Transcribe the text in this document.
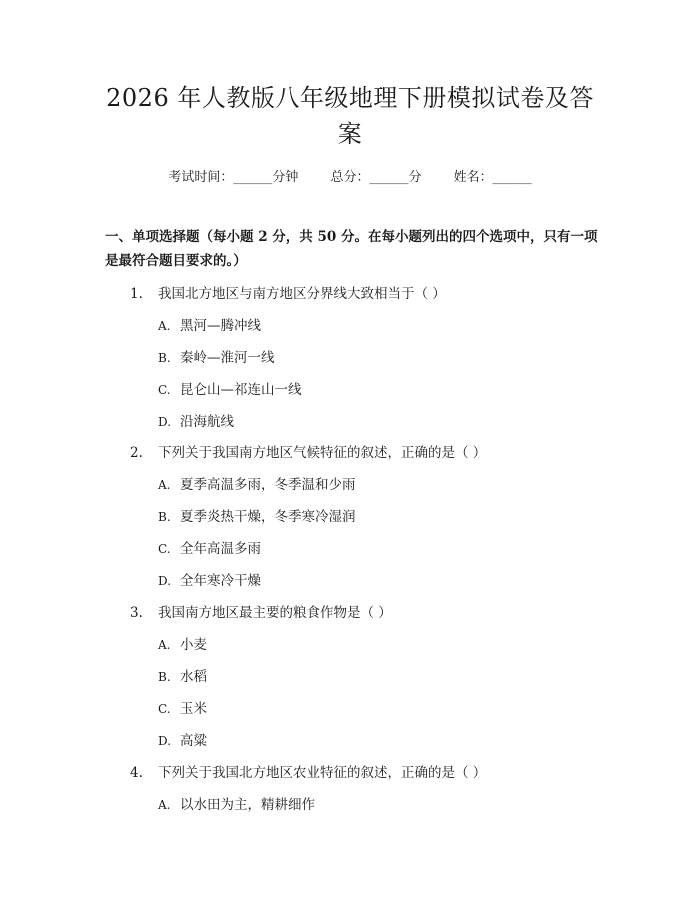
2026 年人教版八年级地理下册模拟试卷及答
案
考试时间：______分钟 总分：______分 姓名：______
一、单项选择题（每小题 2 分，共 50 分。在每小题列出的四个选项中，只有一项
是最符合题目要求的。）
1. 我国北方地区与南方地区分界线大致相当于（ ）
A. 黑河—腾冲线
B. 秦岭—淮河一线
C. 昆仑山—祁连山一线
D. 沿海航线
2. 下列关于我国南方地区气候特征的叙述，正确的是（ ）
A. 夏季高温多雨，冬季温和少雨
B. 夏季炎热干燥，冬季寒冷湿润
C. 全年高温多雨
D. 全年寒冷干燥
3. 我国南方地区最主要的粮食作物是（ ）
A. 小麦
B. 水稻
C. 玉米
D. 高粱
4. 下列关于我国北方地区农业特征的叙述，正确的是（ ）
A. 以水田为主，精耕细作
